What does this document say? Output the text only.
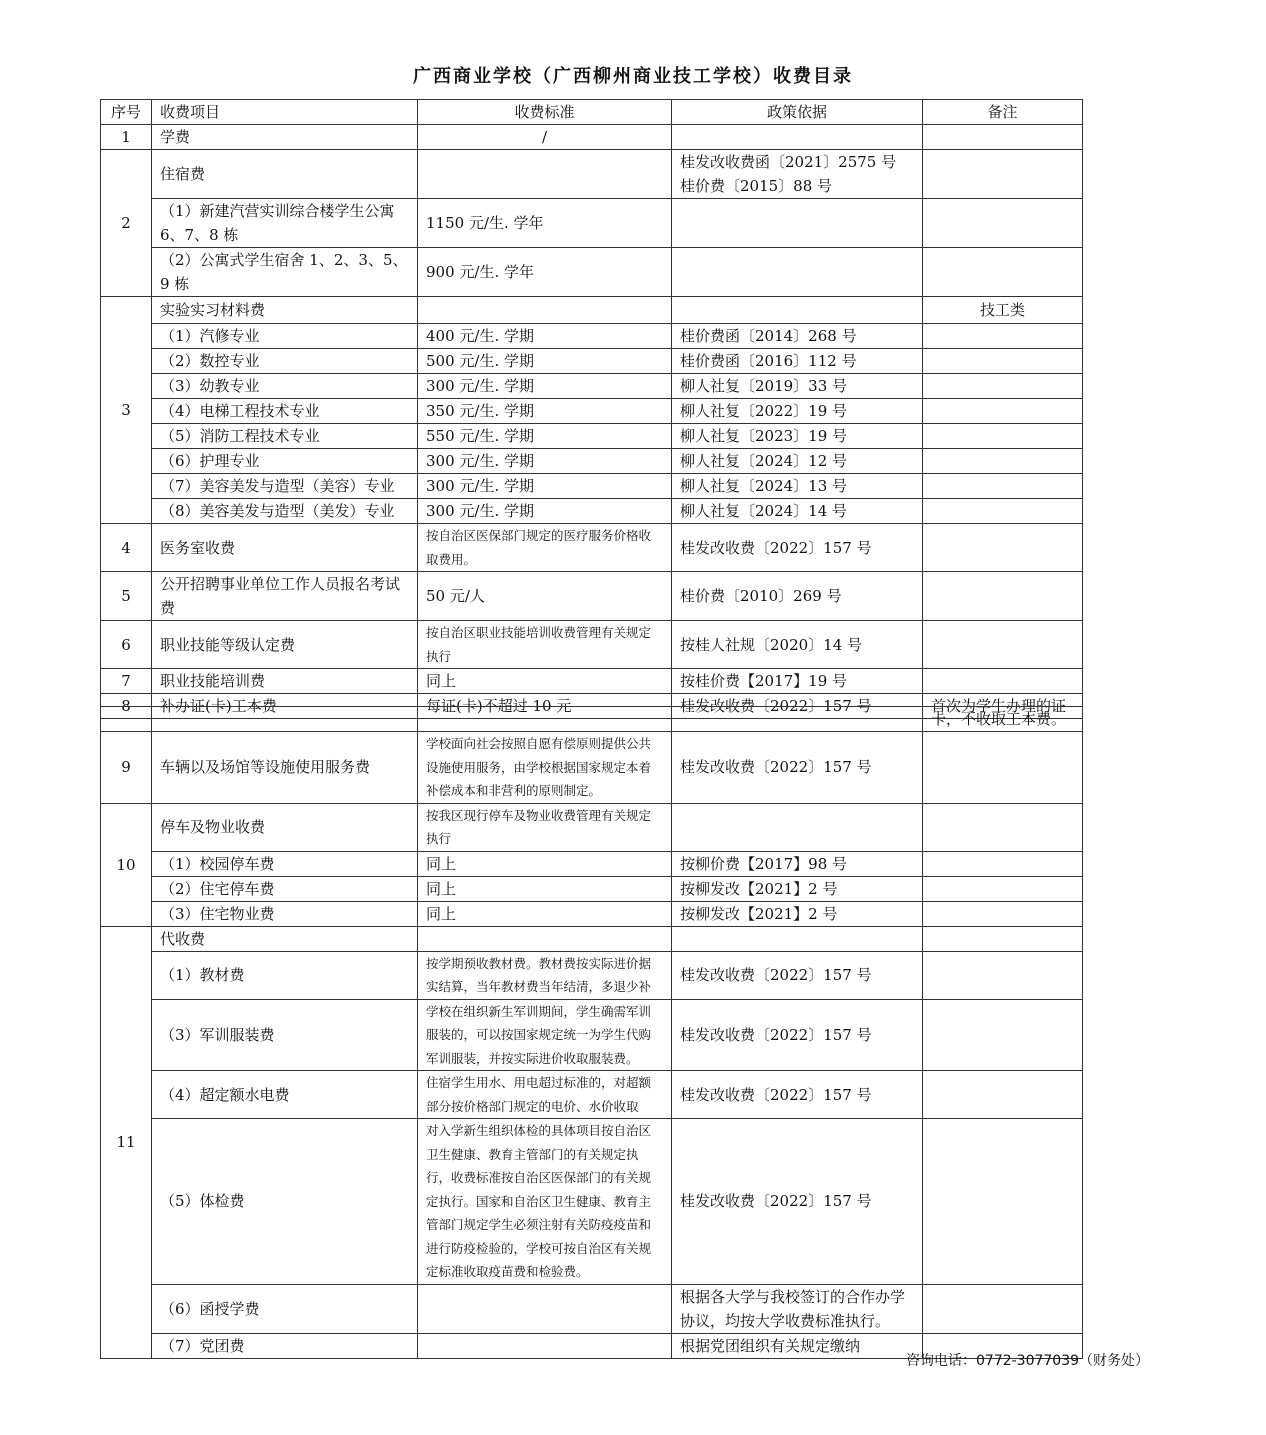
广西商业学校（广西柳州商业技工学校）收费目录
序号	收费项目	收费标准	政策依据	备注
1	学费	/		
2	住宿费		桂发改收费函〔2021〕2575 号
桂价费〔2015〕88 号	
	（1）新建汽营实训综合楼学生公寓 6、7、8 栋	1150 元/生. 学年		
	（2）公寓式学生宿舍 1、2、3、5、9 栋	900 元/生. 学年		
3	实验实习材料费			技工类
	（1）汽修专业	400 元/生. 学期	桂价费函〔2014〕268 号	
	（2）数控专业	500 元/生. 学期	桂价费函〔2016〕112 号	
	（3）幼教专业	300 元/生. 学期	柳人社复〔2019〕33 号	
	（4）电梯工程技术专业	350 元/生. 学期	柳人社复〔2022〕19 号	
	（5）消防工程技术专业	550 元/生. 学期	柳人社复〔2023〕19 号	
	（6）护理专业	300 元/生. 学期	柳人社复〔2024〕12 号	
	（7）美容美发与造型（美容）专业	300 元/生. 学期	柳人社复〔2024〕13 号	
	（8）美容美发与造型（美发）专业	300 元/生. 学期	柳人社复〔2024〕14 号	
4	医务室收费	按自治区医保部门规定的医疗服务价格收取费用。	桂发改收费〔2022〕157 号	
5	公开招聘事业单位工作人员报名考试费	50 元/人	桂价费〔2010〕269 号	
6	职业技能等级认定费	按自治区职业技能培训收费管理有关规定执行	按桂人社规〔2020〕14 号	
7	职业技能培训费	同上	按桂价费【2017】19 号	
8	补办证(卡)工本费	每证(卡)不超过 10 元	桂发改收费〔2022〕157 号	首次为学生办理的证
				卡，不收取工本费。
9	车辆以及场馆等设施使用服务费	学校面向社会按照自愿有偿原则提供公共设施使用服务，由学校根据国家规定本着补偿成本和非营利的原则制定。	桂发改收费〔2022〕157 号	
10	停车及物业收费	按我区现行停车及物业收费管理有关规定执行		
	（1）校园停车费	同上	按柳价费【2017】98 号	
	（2）住宅停车费	同上	按柳发改【2021】2 号	
	（3）住宅物业费	同上	按柳发改【2021】2 号	
11	代收费			
	（1）教材费	按学期预收教材费。教材费按实际进价据实结算，当年教材费当年结清，多退少补	桂发改收费〔2022〕157 号	
	（3）军训服装费	学校在组织新生军训期间，学生确需军训服装的，可以按国家规定统一为学生代购军训服装，并按实际进价收取服装费。	桂发改收费〔2022〕157 号	
	（4）超定额水电费	住宿学生用水、用电超过标准的，对超额部分按价格部门规定的电价、水价收取	桂发改收费〔2022〕157 号	
	（5）体检费	对入学新生组织体检的具体项目按自治区卫生健康、教育主管部门的有关规定执行，收费标准按自治区医保部门的有关规定执行。国家和自治区卫生健康、教育主管部门规定学生必须注射有关防疫疫苗和进行防疫检验的，学校可按自治区有关规定标准收取疫苗费和检验费。	桂发改收费〔2022〕157 号	
	（6）函授学费		根据各大学与我校签订的合作办学协议，均按大学收费标准执行。	
	（7）党团费		根据党团组织有关规定缴纳	
咨询电话：0772-3077039（财务处）
